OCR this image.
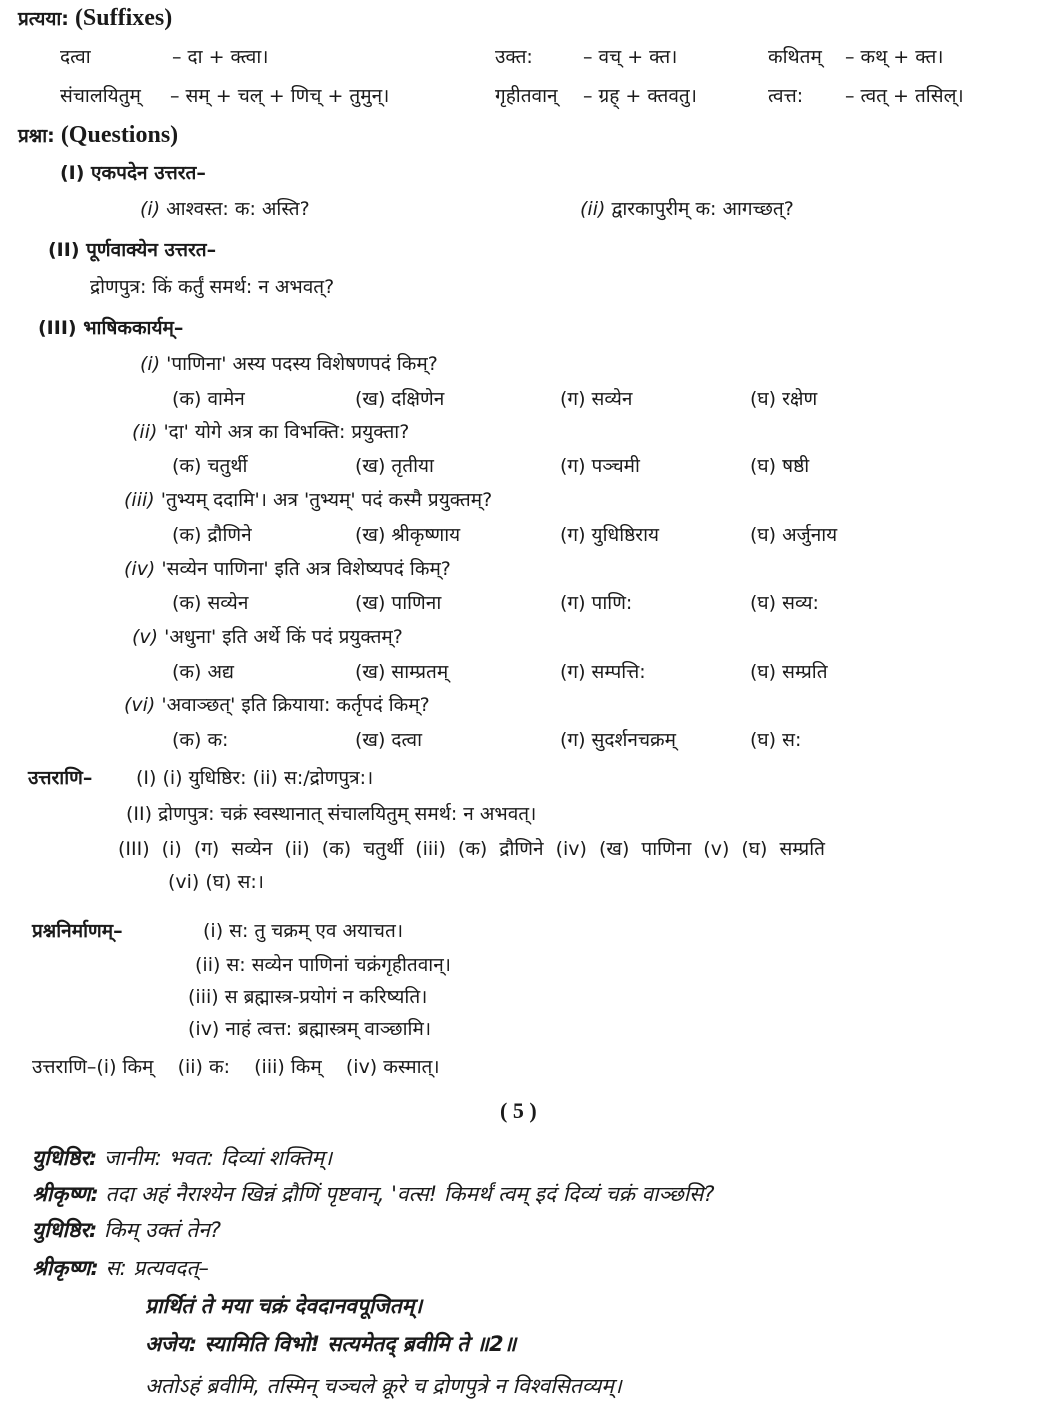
प्रत्यया: (Suffixes)
दत्वा	– दा + क्त्वा।	उक्त:	– वच् + क्त।	कथितम् – कथ् + क्त।
संचालयितुम् – सम् + चल् + णिच् + तुमुन्।	गृहीतवान् – ग्रह् + क्तवतु।	त्वत्त: – त्वत् + तसिल्।
प्रश्ना: (Questions)
(I) एकपदेन उत्तरत–
(i) आश्वस्त: क: अस्ति?	(ii) द्वारकापुरीम् क: आगच्छत्?
(II) पूर्णवाक्येन उत्तरत–
द्रोणपुत्र: किं कर्तुं समर्थ: न अभवत्?
(III) भाषिककार्यम्–
(i) 'पाणिना' अस्य पदस्य विशेषणपदं किम्?
(क) वामेन	(ख) दक्षिणेन	(ग) सव्येन	(घ) रक्षेण
(ii) 'दा' योगे अत्र का विभक्ति: प्रयुक्ता?
(क) चतुर्थी	(ख) तृतीया	(ग) पञ्चमी	(घ) षष्ठी
(iii) 'तुभ्यम् ददामि'। अत्र 'तुभ्यम्' पदं कस्मै प्रयुक्तम्?
(क) द्रौणिने	(ख) श्रीकृष्णाय	(ग) युधिष्ठिराय	(घ) अर्जुनाय
(iv) 'सव्येन पाणिना' इति अत्र विशेष्यपदं किम्?
(क) सव्येन	(ख) पाणिना	(ग) पाणि:	(घ) सव्य:
(v) 'अधुना' इति अर्थे किं पदं प्रयुक्तम्?
(क) अद्य	(ख) साम्प्रतम्	(ग) सम्पत्ति:	(घ) सम्प्रति
(vi) 'अवाञ्छत्' इति क्रियाया: कर्तृपदं किम्?
(क) क:	(ख) दत्वा	(ग) सुदर्शनचक्रम्	(घ) स:
उत्तराणि– (I) (i) युधिष्ठिर: (ii) स:/द्रोणपुत्र:।
(II) द्रोणपुत्र: चक्रं स्वस्थानात् संचालयितुम् समर्थ: न अभवत्।
(III) (i) (ग) सव्येन (ii) (क) चतुर्थी (iii) (क) द्रौणिने (iv) (ख) पाणिना (v) (घ) सम्प्रति
(vi) (घ) स:।
प्रश्ननिर्माणम्–	(i) स: तु चक्रम् एव अयाचत।
(ii) स: सव्येन पाणिनां चक्रंगृहीतवान्।
(iii) स ब्रह्मास्त्र-प्रयोगं न करिष्यति।
(iv) नाहं त्वत्त: ब्रह्मास्त्रम् वाञ्छामि।
उत्तराणि–(i) किम्    (ii) क:    (iii) किम्    (iv) कस्मात्।
( 5 )
युधिष्ठिर: जानीम: भवत: दिव्यां शक्तिम्।
श्रीकृष्ण: तदा अहं नैराश्येन खिन्नं द्रौणिं पृष्टवान्, 'वत्स! किमर्थं त्वम् इदं दिव्यं चक्रं वाञ्छसि?
युधिष्ठिर: किम् उक्तं तेन?
श्रीकृष्ण: स: प्रत्यवदत्–
प्रार्थितं ते मया चक्रं देवदानवपूजितम्।
अजेय: स्यामिति विभो! सत्यमेतद् ब्रवीमि ते ॥2॥
अतोऽहं ब्रवीमि, तस्मिन् चञ्चले क्रूरे च द्रोणपुत्रे न विश्वसितव्यम्।
